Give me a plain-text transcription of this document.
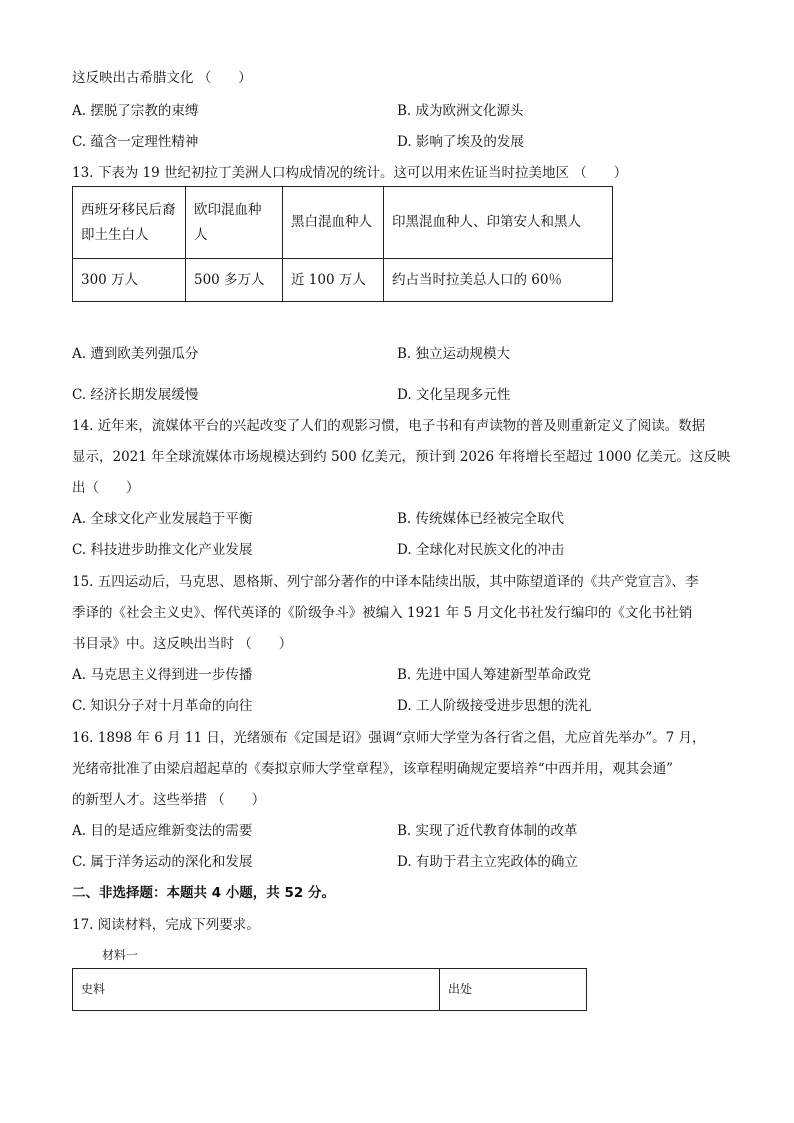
这反映出古希腊文化 （　　）
A. 摆脱了宗教的束缚	B. 成为欧洲文化源头
C. 蕴含一定理性精神	D. 影响了埃及的发展
13. 下表为 19 世纪初拉丁美洲人口构成情况的统计。这可以用来佐证当时拉美地区 （　　）
西班牙移民后裔即土生白人	欧印混血种人	黑白混血种人	印黑混血种人、印第安人和黑人
300 万人	500 多万人	近 100 万人	约占当时拉美总人口的 60％
A. 遭到欧美列强瓜分	B. 独立运动规模大
C. 经济长期发展缓慢	D. 文化呈现多元性
14. 近年来，流媒体平台的兴起改变了人们的观影习惯，电子书和有声读物的普及则重新定义了阅读。数据
显示，2021 年全球流媒体市场规模达到约 500 亿美元，预计到 2026 年将增长至超过 1000 亿美元。这反映
出（　　）
A. 全球文化产业发展趋于平衡	B. 传统媒体已经被完全取代
C. 科技进步助推文化产业发展	D. 全球化对民族文化的冲击
15. 五四运动后，马克思、恩格斯、列宁部分著作的中译本陆续出版，其中陈望道译的《共产党宣言》、李
季译的《社会主义史》、恽代英译的《阶级争斗》被编入 1921 年 5 月文化书社发行编印的《文化书社销
书目录》中。这反映出当时 （　　）
A. 马克思主义得到进一步传播	B. 先进中国人筹建新型革命政党
C. 知识分子对十月革命的向往	D. 工人阶级接受进步思想的洗礼
16. 1898 年 6 月 11 日，光绪颁布《定国是诏》强调“京师大学堂为各行省之倡，尤应首先举办”。7 月，
光绪帝批准了由梁启超起草的《奏拟京师大学堂章程》，该章程明确规定要培养“中西并用，观其会通”
的新型人才。这些举措 （　　）
A. 目的是适应维新变法的需要	B. 实现了近代教育体制的改革
C. 属于洋务运动的深化和发展	D. 有助于君主立宪政体的确立
二、非选择题：本题共 4 小题，共 52 分。
17. 阅读材料，完成下列要求。
材料一
史料	出处
